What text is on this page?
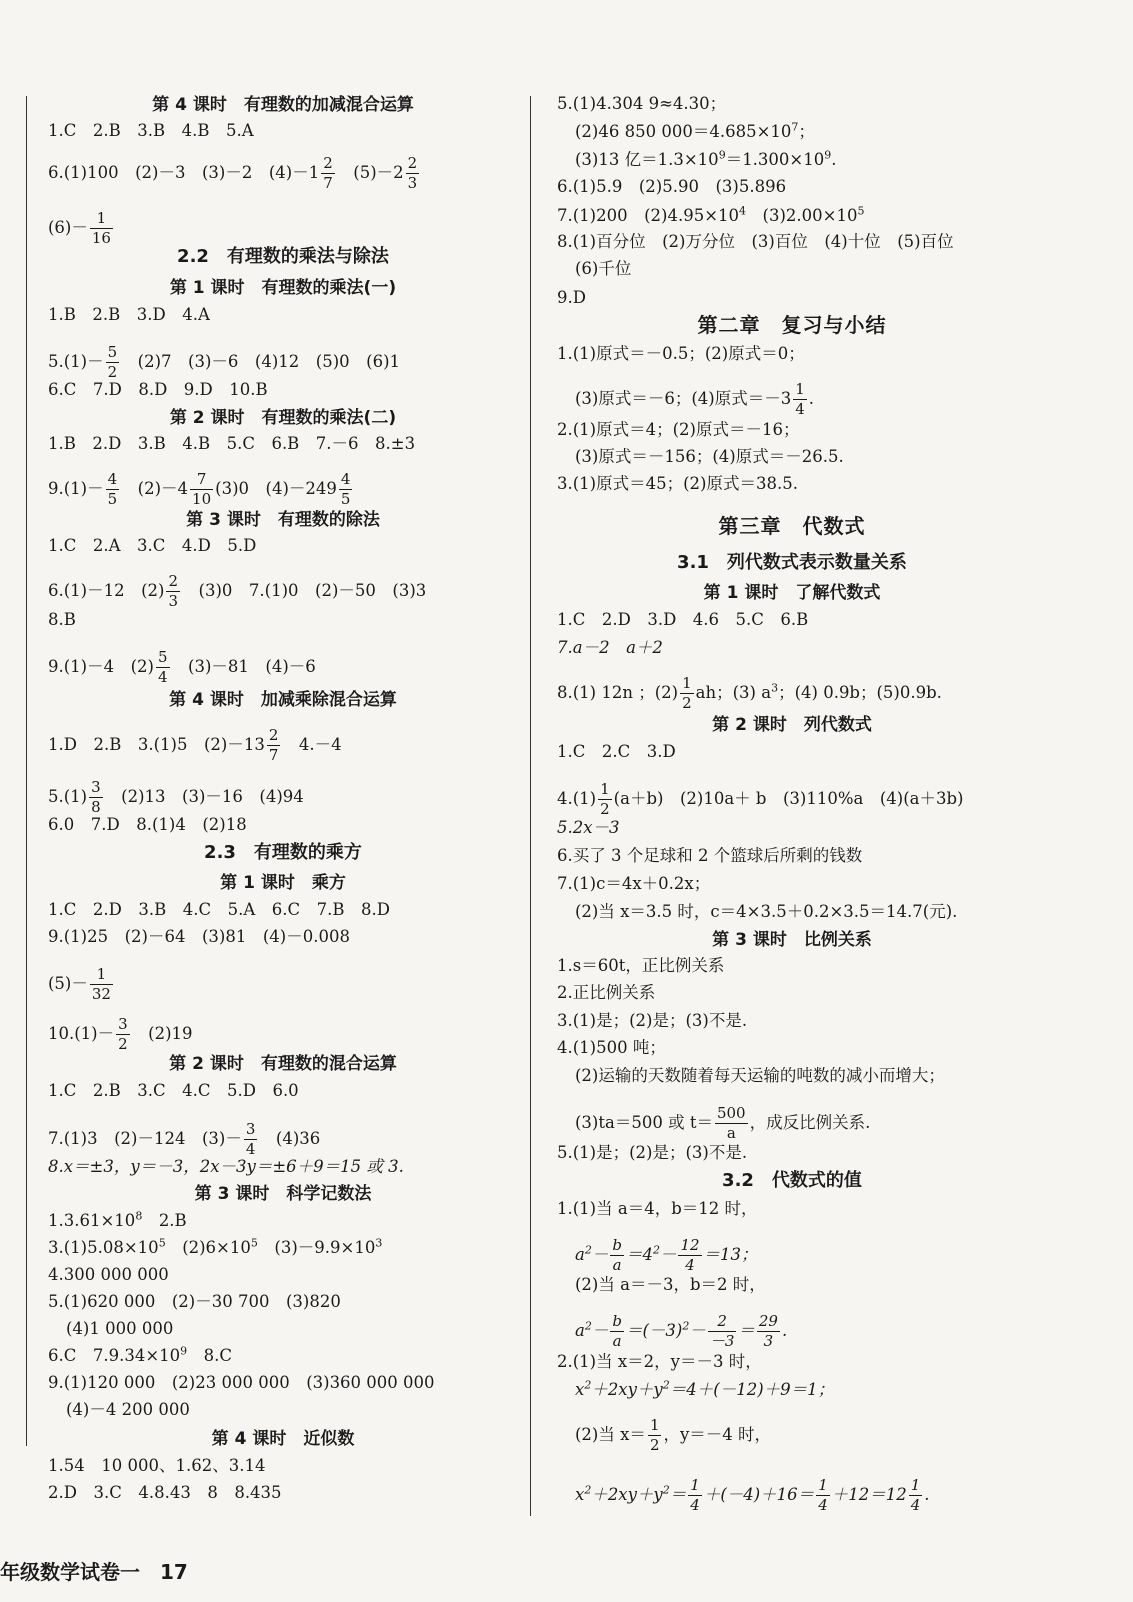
第 4 课时　有理数的加减混合运算
1.C　2.B　3.B　4.B　5.A
6.(1)100　(2)－3　(3)－2　$(4)-1 \frac{2}{7}$ 　$(5)-2 \frac{2}{3}$
$(6)- \frac{1}{16}$
2.2　有理数的乘法与除法
第 1 课时　有理数的乘法(一)
1.B　2.B　3.D　4.A
$5.(1)- \frac{5}{2}$ 　(2)7　(3)－6　(4)12　(5)0　(6)1
6.C　7.D　8.D　9.D　10.B
第 2 课时　有理数的乘法(二)
1.B　2.D　3.B　4.B　5.C　6.B　7.－6　8.±3
$9.(1)- \frac{4}{5}$ 　$(2)-4 \frac{7}{10} (3)0$　$(4)-249 \frac{4}{5}$
第 3 课时　有理数的除法
1.C　2.A　3.C　4.D　5.D
6.(1)－12　$(2) \frac{2}{3}$ 　(3)0　7.(1)0　(2)－50　(3)3
8.B
9.(1)－4　$(2) \frac{5}{4}$ 　(3)－81　(4)－6
第 4 课时　加减乘除混合运算
1.D　2.B　3.(1)5　$(2)-13 \frac{2}{7}$ 　4.－4
$5.(1) \frac{3}{8}$ 　(2)13　(3)－16　(4)94
6.0　7.D　8.(1)4　(2)18
2.3　有理数的乘方
第 1 课时　乘方
1.C　2.D　3.B　4.C　5.A　6.C　7.B　8.D
9.(1)25　(2)－64　(3)81　(4)－0.008
$(5)- \frac{1}{32}$
$10.(1)- \frac{3}{2}$ 　(2)19
第 2 课时　有理数的混合运算
1.C　2.B　3.C　4.C　5.D　6.0
7.(1)3　(2)－124　$(3)- \frac{3}{4}$ 　(4)36
8.x＝±3，y＝－3，2x－3y＝±6＋9＝15 或 3.
第 3 课时　科学记数法
$1.3.61\times 10^8$　2.B
$3.(1)5.08\times 10^5$　$(2)6\times 10^5$　$(3)-9.9\times 10^3$
4.300 000 000
5.(1)620 000　(2)－30 700　(3)820
(4)1 000 000
6.C　$7.9.34\times 10^9$　8.C
9.(1)120 000　(2)23 000 000　(3)360 000 000
(4)－4 200 000
第 4 课时　近似数
1.54　10 000、1.62、3.14
2.D　3.C　4.8.43　8　8.435
5.(1)4.304 9≈4.30；
(2)46 850 $000=4.685\times 10^7$；
(3)13 亿$=1.3\times 10^9=1.300\times 10^9$.
6.(1)5.9　(2)5.90　(3)5.896
7.(1)200　$(2)4.95\times 10^4$　$(3)2.00\times 10^5$
8.(1)百分位　(2)万分位　(3)百位　(4)十位　(5)百位
(6)千位
9.D
第二章　复习与小结
1.(1)原式＝－0.5；(2)原式＝0；
(3)原式＝－6；(4)原式$=-3 \frac{1}{4}$ .
2.(1)原式＝4；(2)原式＝－16；
(3)原式＝－156；(4)原式＝－26.5.
3.(1)原式＝45；(2)原式＝38.5.
第三章　代数式
3.1　列代数式表示数量关系
第 1 课时　了解代数式
1.C　2.D　3.D　4.6　5.C　6.B
7.a－2　a＋2
8.(1) 12n ；$(2) \frac{1}{2}$ ah；(3) $a^3$；(4) 0.9b；(5)0.9b.
第 2 课时　列代数式
1.C　2.C　3.D
$4.(1) \frac{1}{2} (a+b)$　(2)10a＋ b　(3)110%a　(4)(a＋3b)
5.2x－3
6.买了 3 个足球和 2 个篮球后所剩的钱数
7.(1)c＝4x＋0.2x；
(2)当 x＝3.5 时，c＝4×3.5＋0.2×3.5＝14.7(元).
第 3 课时　比例关系
1.s＝60t，正比例关系
2.正比例关系
3.(1)是；(2)是；(3)不是.
4.(1)500 吨；
(2)运输的天数随着每天运输的吨数的减小而增大；
(3)ta＝500 或 $t= \frac{500}{a}$ ，成反比例关系.
5.(1)是；(2)是；(3)不是.
3.2　代数式的值
1.(1)当 a＝4，b＝12 时，
$a^2- \frac{b}{a} =4^2- \frac{12}{4} =13$；
(2)当 a＝－3，b＝2 时，
$a^2- \frac{b}{a} =(-3)^2- \frac{2}{-3} = \frac{29}{3}$ .
2.(1)当 x＝2，y＝－3 时，
$x^2+2xy+y^2=4+(-12)+9=1$；
(2)当 $x= \frac{1}{2}$ ，y＝－4 时，
$x^2+2xy+y^2= \frac{1}{4} +(-4)+16= \frac{1}{4} +12=12 \frac{1}{4}$ .
年级数学试卷一　17
